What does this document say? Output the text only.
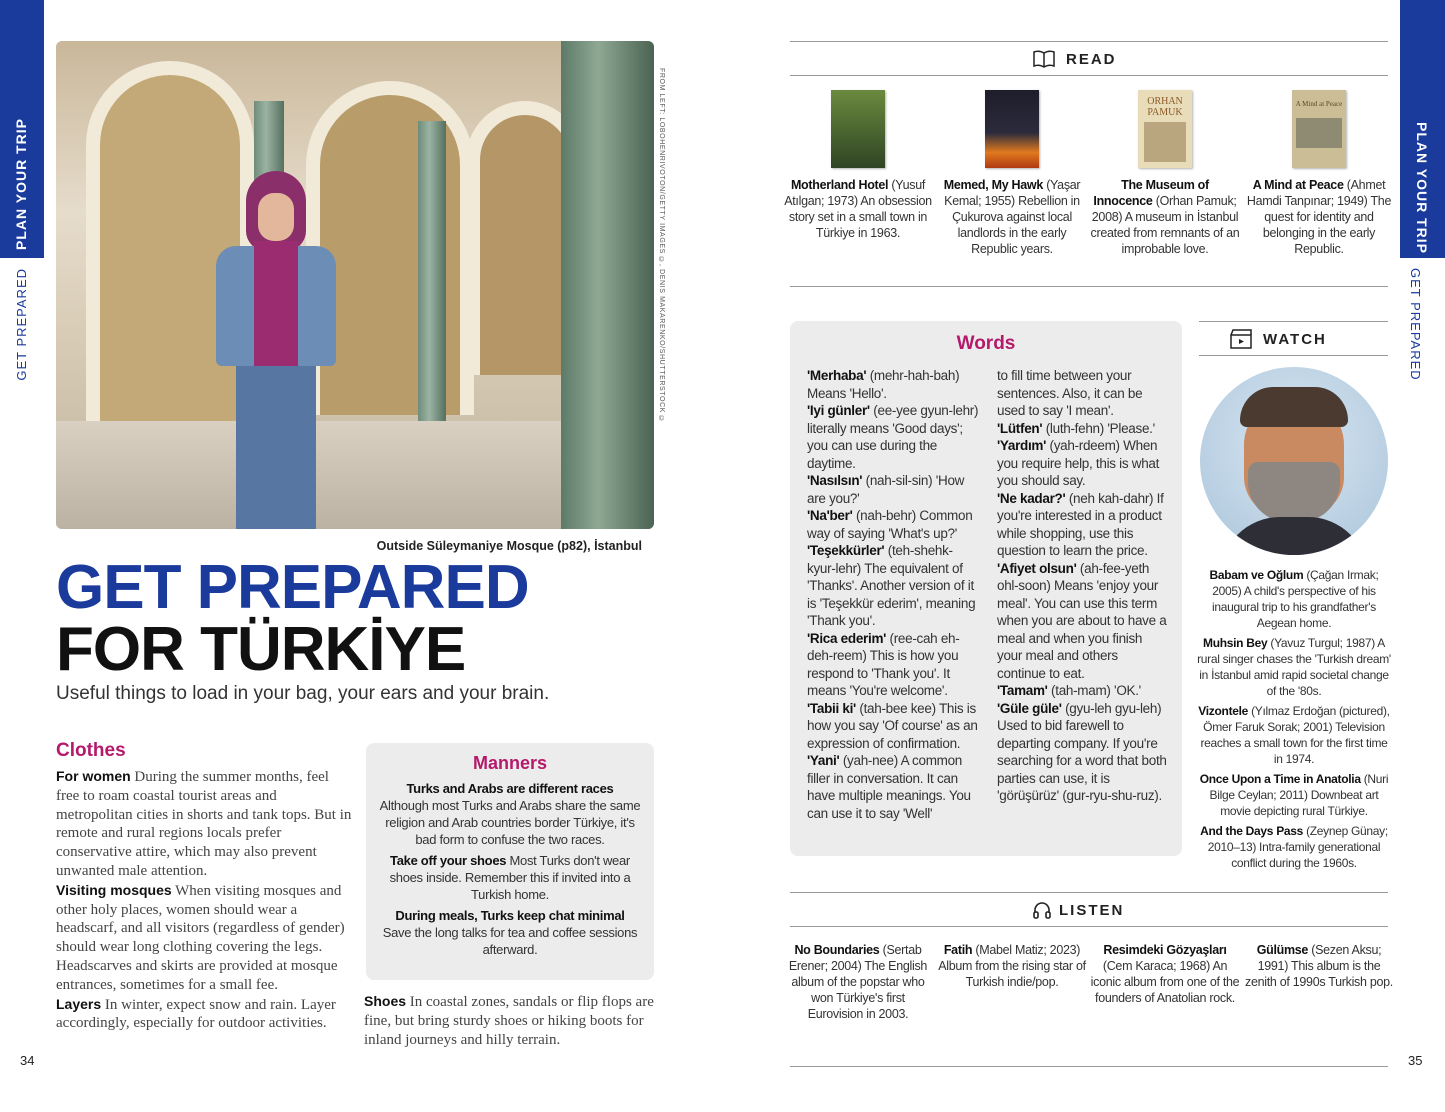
PLAN YOUR TRIP
GET PREPARED
PLAN YOUR TRIP
GET PREPARED
FROM LEFT: LOBOHENRIVOTON/GETTY IMAGES ©, DENIS MAKARENKO/SHUTTERSTOCK ©
Outside Süleymaniye Mosque (p82), İstanbul
GET PREPARED
FOR TÜRKİYE
Useful things to load in your bag, your ears and your brain.
Clothes
For women During the summer months, feel free to roam coastal tourist areas and metropolitan cities in shorts and tank tops. But in remote and rural regions locals prefer conservative attire, which may also prevent unwanted male attention.
Visiting mosques When visiting mosques and other holy places, women should wear a headscarf, and all visitors (regardless of gender) should wear long clothing covering the legs. Headscarves and skirts are provided at mosque entrances, sometimes for a small fee.
Layers In winter, expect snow and rain. Layer accordingly, especially for outdoor activities.
Manners
Turks and Arabs are different races
Although most Turks and Arabs share the same religion and Arab countries border Türkiye, it's bad form to confuse the two races.
Take off your shoes Most Turks don't wear shoes inside. Remember this if invited into a Turkish home.
During meals, Turks keep chat minimal
Save the long talks for tea and coffee sessions afterward.
Shoes In coastal zones, sandals or flip flops are fine, but bring sturdy shoes or hiking boots for inland journeys and hilly terrain.
34	35
READ
ORHAN PAMUK
A Mind at Peace
Motherland Hotel (Yusuf Atılgan; 1973) An obsession story set in a small town in Türkiye in 1963.
Memed, My Hawk (Yaşar Kemal; 1955) Rebellion in Çukurova against local landlords in the early Republic years.
The Museum of Innocence (Orhan Pamuk; 2008) A museum in İstanbul created from remnants of an improbable love.
A Mind at Peace (Ahmet Hamdi Tanpınar; 1949) The quest for identity and belonging in the early Republic.
Words
'Merhaba' (mehr-hah-bah) Means 'Hello'.
'Iyi günler' (ee-yee gyun-lehr) literally means 'Good days'; you can use during the daytime.
'Nasılsın' (nah-sil-sin) 'How are you?'
'Na'ber' (nah-behr) Common way of saying 'What's up?'
'Teşekkürler' (teh-shehk-kyur-lehr) The equivalent of 'Thanks'. Another version of it is 'Teşekkür ederim', meaning 'Thank you'.
'Rica ederim' (ree-cah eh-deh-reem) This is how you respond to 'Thank you'. It means 'You're welcome'.
'Tabii ki' (tah-bee kee) This is how you say 'Of course' as an expression of confirmation.
'Yani' (yah-nee) A common filler in conversation. It can have multiple meanings. You can use it to say 'Well'
to fill time between your sentences. Also, it can be used to say 'I mean'.
'Lütfen' (luth-fehn) 'Please.'
'Yardım' (yah-rdeem) When you require help, this is what you should say.
'Ne kadar?' (neh kah-dahr) If you're interested in a product while shopping, use this question to learn the price.
'Afiyet olsun' (ah-fee-yeth ohl-soon) Means 'enjoy your meal'. You can use this term when you are about to have a meal and when you finish your meal and others continue to eat.
'Tamam' (tah-mam) 'OK.'
'Güle güle' (gyu-leh gyu-leh) Used to bid farewell to departing company. If you're searching for a word that both parties can use, it is 'görüşürüz' (gur-ryu-shu-ruz).
WATCH
Babam ve Oğlum (Çağan Irmak; 2005) A child's perspective of his inaugural trip to his grandfather's Aegean home.
Muhsin Bey (Yavuz Turgul; 1987) A rural singer chases the 'Turkish dream' in İstanbul amid rapid societal change of the '80s.
Vizontele (Yılmaz Erdoğan (pictured), Ömer Faruk Sorak; 2001) Television reaches a small town for the first time in 1974.
Once Upon a Time in Anatolia (Nuri Bilge Ceylan; 2011) Downbeat art movie depicting rural Türkiye.
And the Days Pass (Zeynep Günay; 2010–13) Intra-family generational conflict during the 1960s.
LISTEN
No Boundaries (Sertab Erener; 2004) The English album of the popstar who won Türkiye's first Eurovision in 2003.
Fatih (Mabel Matiz; 2023) Album from the rising star of Turkish indie/pop.
Resimdeki Gözyaşları (Cem Karaca; 1968) An iconic album from one of the founders of Anatolian rock.
Gülümse (Sezen Aksu; 1991) This album is the zenith of 1990s Turkish pop.
